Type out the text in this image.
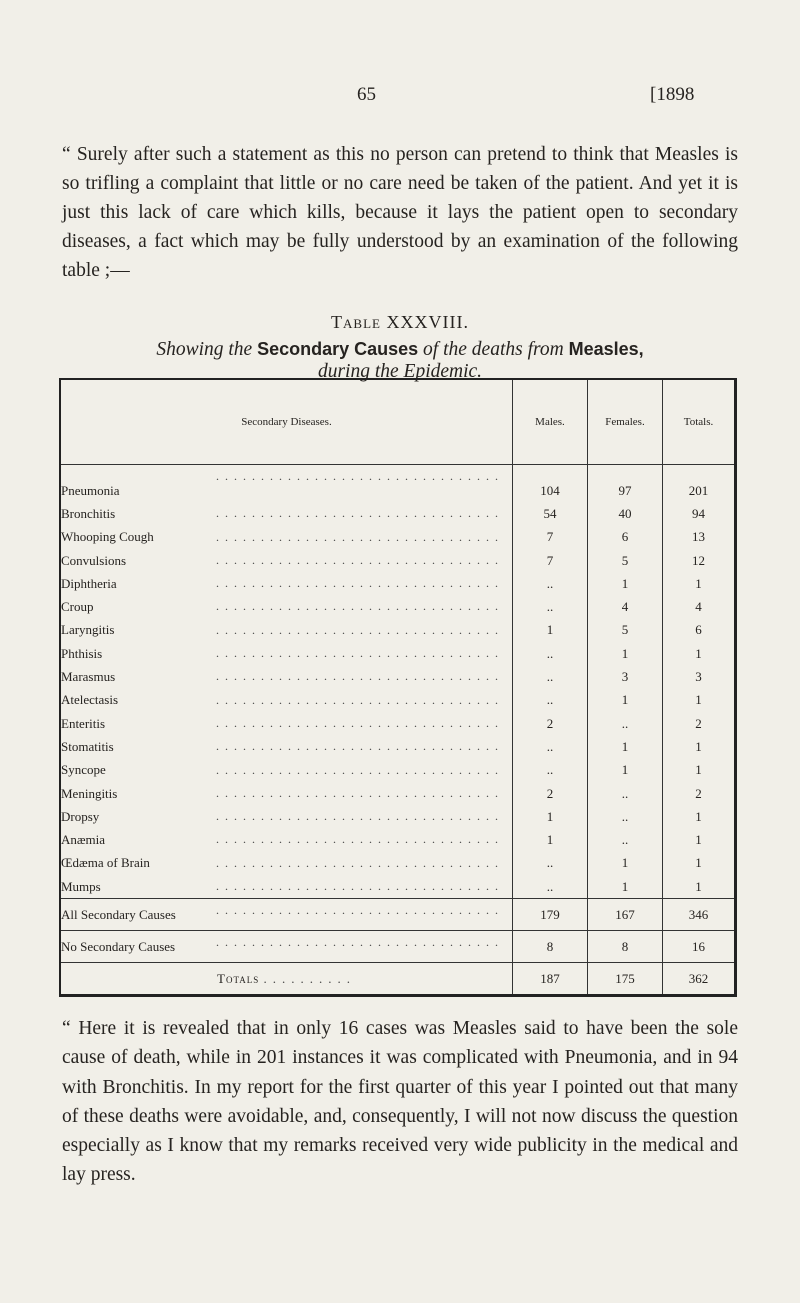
65	[1898

“ Surely after such a statement as this no person can pretend to think that Measles is so trifling a complaint that little or no care need be taken of the patient. And yet it is just this lack of care which kills, because it lays the patient open to secondary diseases, a fact which may be fully understood by an examination of the following table ;—

Table XXXVIII.
Showing the Secondary Causes of the deaths from Measles,
during the Epidemic.
Secondary Diseases.	Males.	Females.	Totals.

................................
Pneumonia	104	97	201

................................
Bronchitis	54	40	94

................................
Whooping Cough	7	6	13

................................
Convulsions	7	5	12

................................
Diphtheria	..	1	1

................................
Croup	..	4	4

................................
Laryngitis	1	5	6

................................
Phthisis	..	1	1

................................
Marasmus	..	3	3

................................
Atelectasis	..	1	1

................................
Enteritis	2	..	2

................................
Stomatitis	..	1	1

................................
Syncope	..	1	1

................................
Meningitis	2	..	2

................................
Dropsy	1	..	1

................................
Anæmia	1	..	1

................................
Œdæma of Brain	..	1	1

................................
Mumps	..	1	1

................................
All Secondary Causes	179	167	346

................................
No Secondary Causes	8	8	16
Totals ..........	187	175	362

“ Here it is revealed that in only 16 cases was Measles said to have been the sole cause of death, while in 201 instances it was complicated with Pneumonia, and in 94 with Bronchitis. In my report for the first quarter of this year I pointed out that many of these deaths were avoidable, and, consequently, I will not now discuss the question especially as I know that my remarks received very wide publicity in the medical and lay press.
